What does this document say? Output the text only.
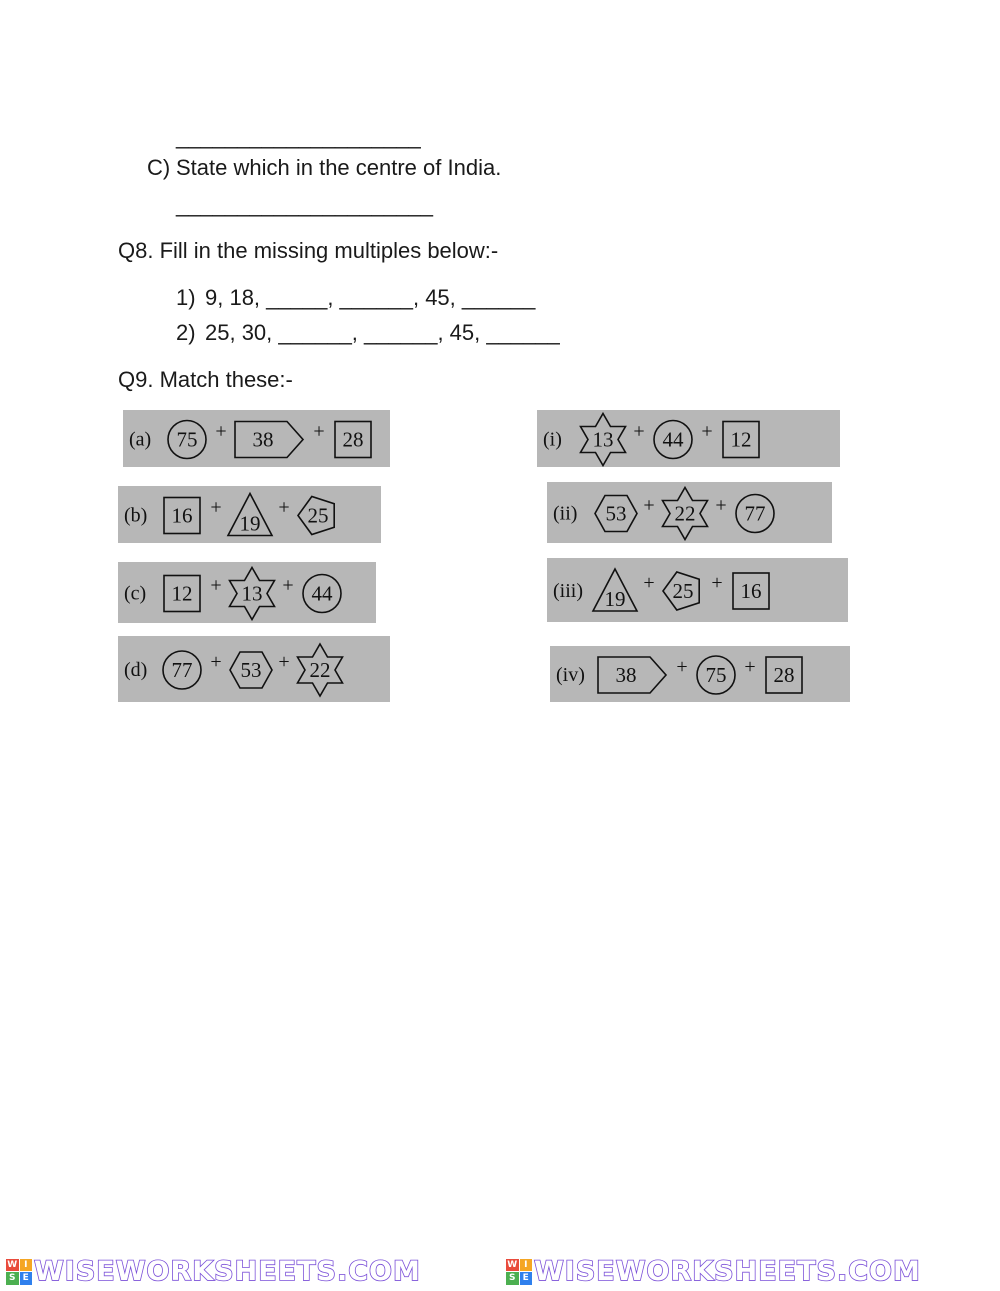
____________________
C) State which in the centre of India.
_____________________
Q8. Fill in the missing multiples below:-
1) 9, 18, _____, ______, 45, ______
2) 25, 30, ______, ______, 45, ______
Q9. Match these:-
(a) 75 + 38 + 28
(b) 16 +
19
+ 25
(c) 12 + 13 + 44
(d) 77 + 53 + 22
(i) 13 + 44 + 12
(ii) 53 + 22 + 77
(iii) 19
+ 25 + 16
(iv) 38 + 75 + 28
W I
S E WISEWORKSHEETS.COM	W I
S E WISEWORKSHEETS.COM
